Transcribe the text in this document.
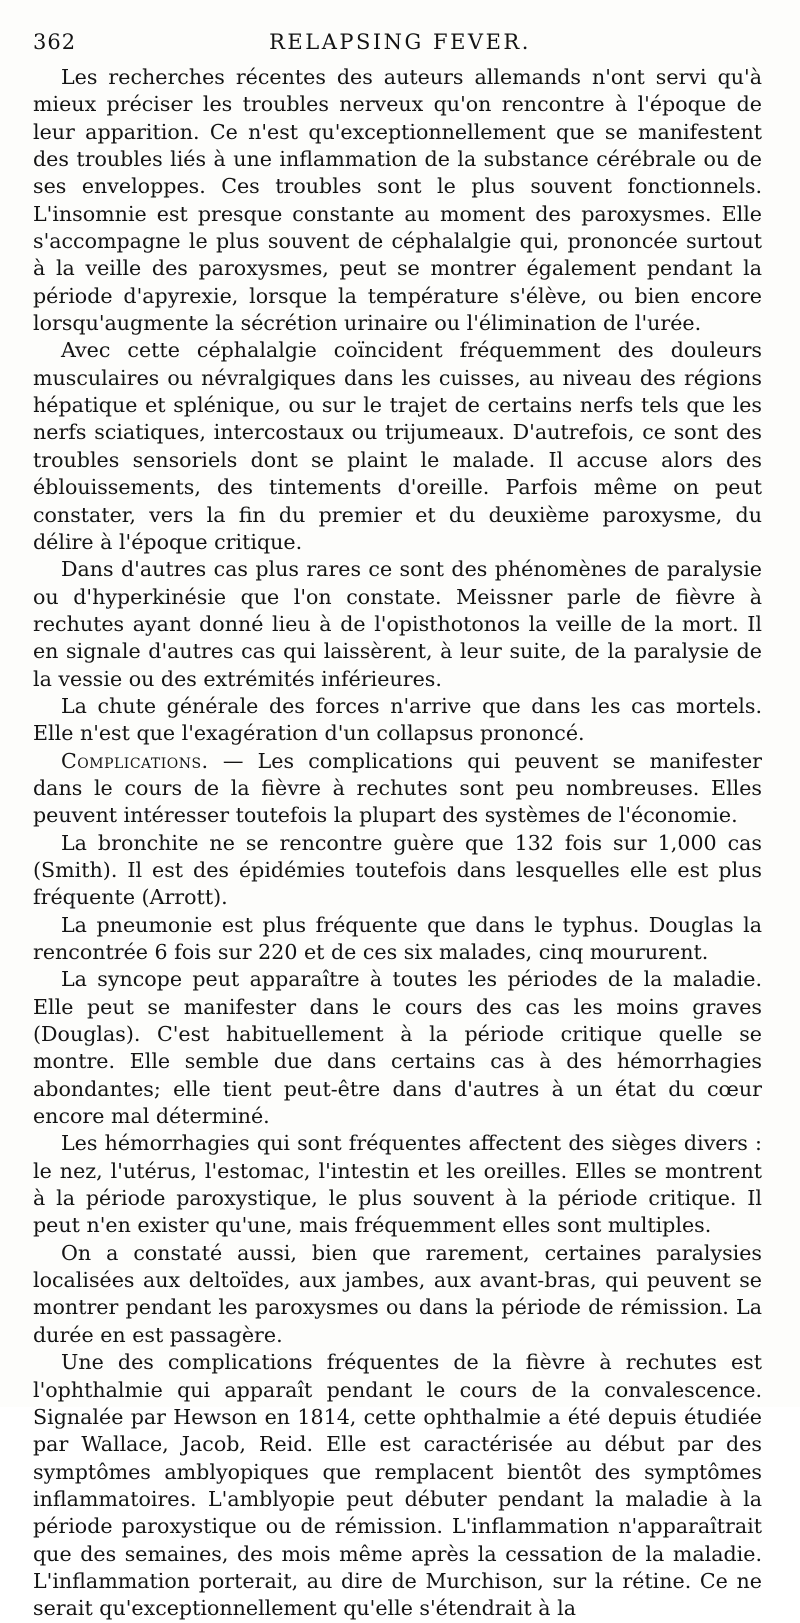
362	RELAPSING FEVER.

Les recherches récentes des auteurs allemands n'ont servi qu'à mieux préciser les troubles nerveux qu'on rencontre à l'époque de leur apparition. Ce n'est qu'exceptionnellement que se manifestent des troubles liés à une inflammation de la substance cérébrale ou de ses enveloppes. Ces troubles sont le plus souvent fonctionnels. L'insomnie est presque constante au moment des paroxysmes. Elle s'accompagne le plus souvent de céphalalgie qui, prononcée surtout à la veille des paroxysmes, peut se montrer également pendant la période d'apyrexie, lorsque la température s'élève, ou bien encore lorsqu'augmente la sécrétion urinaire ou l'élimination de l'urée.

Avec cette céphalalgie coïncident fréquemment des douleurs musculaires ou névralgiques dans les cuisses, au niveau des régions hépatique et splénique, ou sur le trajet de certains nerfs tels que les nerfs sciatiques, intercostaux ou trijumeaux. D'autrefois, ce sont des troubles sensoriels dont se plaint le malade. Il accuse alors des éblouissements, des tintements d'oreille. Parfois même on peut constater, vers la fin du premier et du deuxième paroxysme, du délire à l'époque critique.

Dans d'autres cas plus rares ce sont des phénomènes de paralysie ou d'hyperkinésie que l'on constate. Meissner parle de fièvre à rechutes ayant donné lieu à de l'opisthotonos la veille de la mort. Il en signale d'autres cas qui laissèrent, à leur suite, de la paralysie de la vessie ou des extrémités inférieures.

La chute générale des forces n'arrive que dans les cas mortels. Elle n'est que l'exagération d'un collapsus prononcé.

Complications. — Les complications qui peuvent se manifester dans le cours de la fièvre à rechutes sont peu nombreuses. Elles peuvent intéresser toutefois la plupart des systèmes de l'économie.

La bronchite ne se rencontre guère que 132 fois sur 1,000 cas (Smith). Il est des épidémies toutefois dans lesquelles elle est plus fréquente (Arrott).

La pneumonie est plus fréquente que dans le typhus. Douglas la rencontrée 6 fois sur 220 et de ces six malades, cinq moururent.

La syncope peut apparaître à toutes les périodes de la maladie. Elle peut se manifester dans le cours des cas les moins graves (Douglas). C'est habituellement à la période critique quelle se montre. Elle semble due dans certains cas à des hémorrhagies abondantes; elle tient peut-être dans d'autres à un état du cœur encore mal déterminé.

Les hémorrhagies qui sont fréquentes affectent des sièges divers : le nez, l'utérus, l'estomac, l'intestin et les oreilles. Elles se montrent à la période paroxystique, le plus souvent à la période critique. Il peut n'en exister qu'une, mais fréquemment elles sont multiples.

On a constaté aussi, bien que rarement, certaines paralysies localisées aux deltoïdes, aux jambes, aux avant-bras, qui peuvent se montrer pendant les paroxysmes ou dans la période de rémission. La durée en est passagère.

Une des complications fréquentes de la fièvre à rechutes est l'ophthalmie qui apparaît pendant le cours de la convalescence. Signalée par Hewson en 1814, cette ophthalmie a été depuis étudiée par Wallace, Jacob, Reid. Elle est caractérisée au début par des symptômes amblyopiques que remplacent bientôt des symptômes inflammatoires. L'amblyopie peut débuter pendant la maladie à la période paroxystique ou de rémission. L'inflammation n'apparaîtrait que des semaines, des mois même après la cessation de la maladie. L'inflammation porterait, au dire de Murchison, sur la rétine. Ce ne serait qu'exceptionnellement qu'elle s'étendrait à la
